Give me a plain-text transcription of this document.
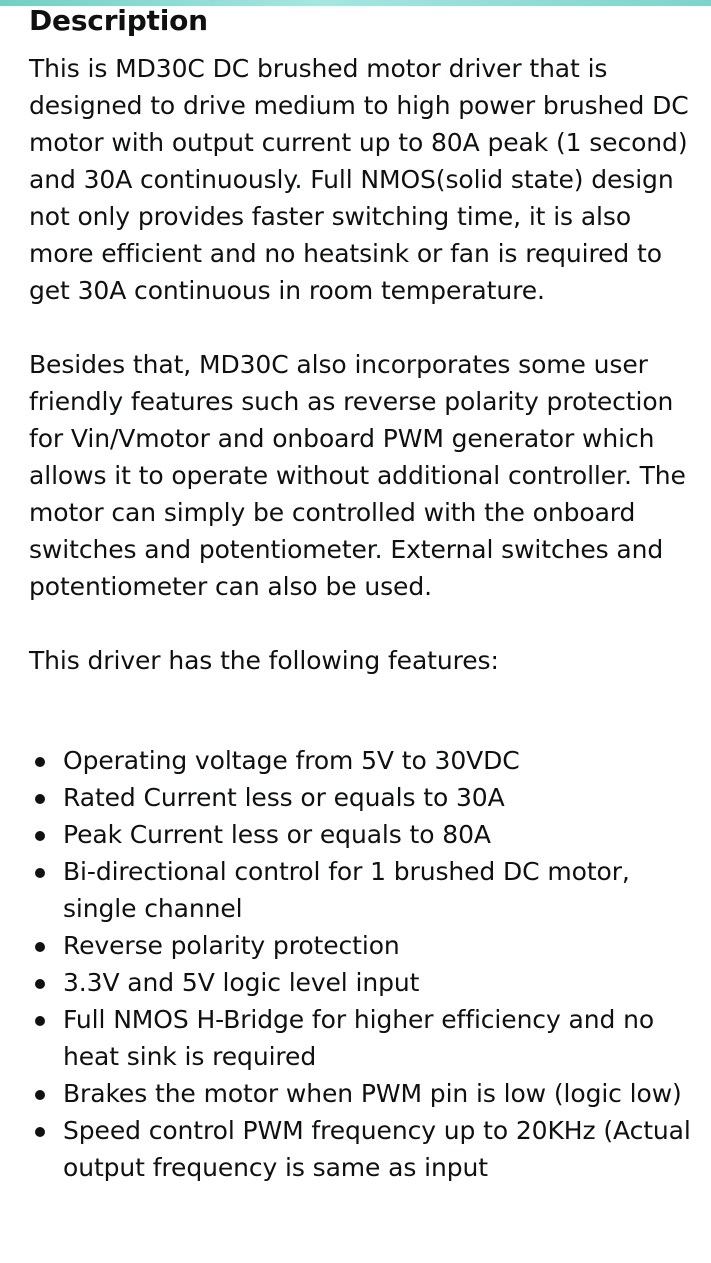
Description

This is MD30C DC brushed motor driver that is designed to drive medium to high power brushed DC motor with output current up to 80A peak (1 second) and 30A continuously. Full NMOS(solid state) design not only provides faster switching time, it is also more efficient and no heatsink or fan is required to get 30A continuous in room temperature.

Besides that, MD30C also incorporates some user friendly features such as reverse polarity protection for Vin/Vmotor and onboard PWM generator which allows it to operate without additional controller. The motor can simply be controlled with the onboard switches and potentiometer. External switches and potentiometer can also be used.

This driver has the following features:

Operating voltage from 5V to 30VDC
Rated Current less or equals to 30A
Peak Current less or equals to 80A
Bi-directional control for 1 brushed DC motor, single channel
Reverse polarity protection
3.3V and 5V logic level input
Full NMOS H-Bridge for higher efficiency and no heat sink is required
Brakes the motor when PWM pin is low (logic low)
Speed control PWM frequency up to 20KHz (Actual output frequency is same as input
